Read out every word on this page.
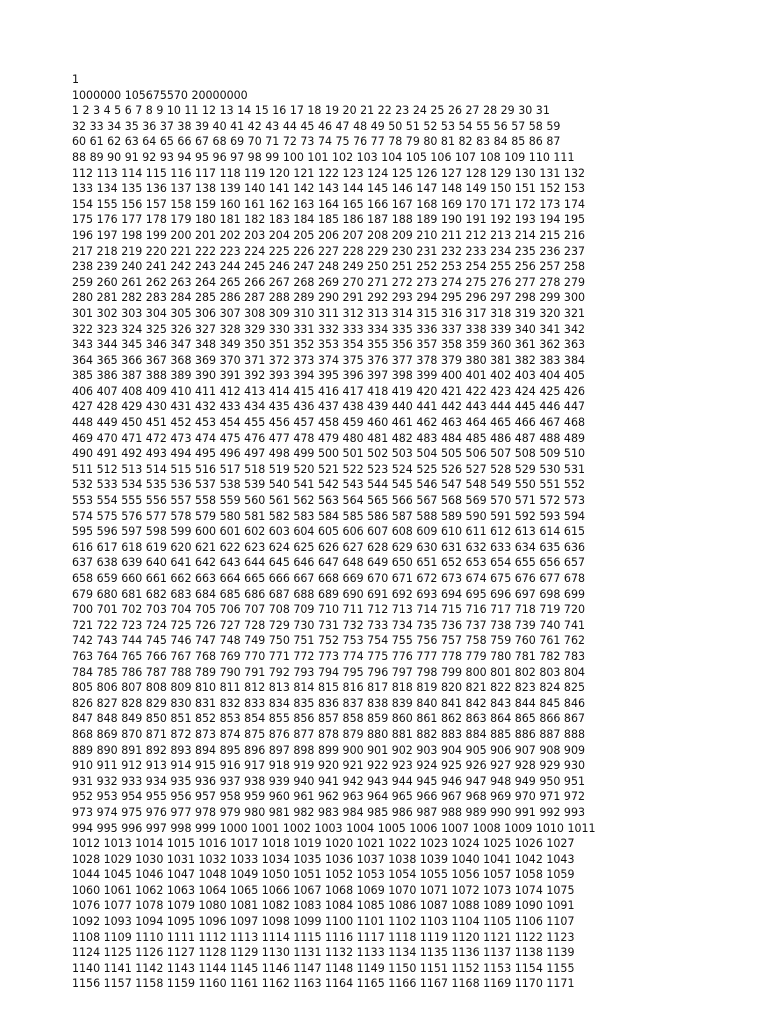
1
1000000 105675570 20000000
1 2 3 4 5 6 7 8 9 10 11 12 13 14 15 16 17 18 19 20 21 22 23 24 25 26 27 28 29 30 31
32 33 34 35 36 37 38 39 40 41 42 43 44 45 46 47 48 49 50 51 52 53 54 55 56 57 58 59
60 61 62 63 64 65 66 67 68 69 70 71 72 73 74 75 76 77 78 79 80 81 82 83 84 85 86 87
88 89 90 91 92 93 94 95 96 97 98 99 100 101 102 103 104 105 106 107 108 109 110 111
112 113 114 115 116 117 118 119 120 121 122 123 124 125 126 127 128 129 130 131 132
133 134 135 136 137 138 139 140 141 142 143 144 145 146 147 148 149 150 151 152 153
154 155 156 157 158 159 160 161 162 163 164 165 166 167 168 169 170 171 172 173 174
175 176 177 178 179 180 181 182 183 184 185 186 187 188 189 190 191 192 193 194 195
196 197 198 199 200 201 202 203 204 205 206 207 208 209 210 211 212 213 214 215 216
217 218 219 220 221 222 223 224 225 226 227 228 229 230 231 232 233 234 235 236 237
238 239 240 241 242 243 244 245 246 247 248 249 250 251 252 253 254 255 256 257 258
259 260 261 262 263 264 265 266 267 268 269 270 271 272 273 274 275 276 277 278 279
280 281 282 283 284 285 286 287 288 289 290 291 292 293 294 295 296 297 298 299 300
301 302 303 304 305 306 307 308 309 310 311 312 313 314 315 316 317 318 319 320 321
322 323 324 325 326 327 328 329 330 331 332 333 334 335 336 337 338 339 340 341 342
343 344 345 346 347 348 349 350 351 352 353 354 355 356 357 358 359 360 361 362 363
364 365 366 367 368 369 370 371 372 373 374 375 376 377 378 379 380 381 382 383 384
385 386 387 388 389 390 391 392 393 394 395 396 397 398 399 400 401 402 403 404 405
406 407 408 409 410 411 412 413 414 415 416 417 418 419 420 421 422 423 424 425 426
427 428 429 430 431 432 433 434 435 436 437 438 439 440 441 442 443 444 445 446 447
448 449 450 451 452 453 454 455 456 457 458 459 460 461 462 463 464 465 466 467 468
469 470 471 472 473 474 475 476 477 478 479 480 481 482 483 484 485 486 487 488 489
490 491 492 493 494 495 496 497 498 499 500 501 502 503 504 505 506 507 508 509 510
511 512 513 514 515 516 517 518 519 520 521 522 523 524 525 526 527 528 529 530 531
532 533 534 535 536 537 538 539 540 541 542 543 544 545 546 547 548 549 550 551 552
553 554 555 556 557 558 559 560 561 562 563 564 565 566 567 568 569 570 571 572 573
574 575 576 577 578 579 580 581 582 583 584 585 586 587 588 589 590 591 592 593 594
595 596 597 598 599 600 601 602 603 604 605 606 607 608 609 610 611 612 613 614 615
616 617 618 619 620 621 622 623 624 625 626 627 628 629 630 631 632 633 634 635 636
637 638 639 640 641 642 643 644 645 646 647 648 649 650 651 652 653 654 655 656 657
658 659 660 661 662 663 664 665 666 667 668 669 670 671 672 673 674 675 676 677 678
679 680 681 682 683 684 685 686 687 688 689 690 691 692 693 694 695 696 697 698 699
700 701 702 703 704 705 706 707 708 709 710 711 712 713 714 715 716 717 718 719 720
721 722 723 724 725 726 727 728 729 730 731 732 733 734 735 736 737 738 739 740 741
742 743 744 745 746 747 748 749 750 751 752 753 754 755 756 757 758 759 760 761 762
763 764 765 766 767 768 769 770 771 772 773 774 775 776 777 778 779 780 781 782 783
784 785 786 787 788 789 790 791 792 793 794 795 796 797 798 799 800 801 802 803 804
805 806 807 808 809 810 811 812 813 814 815 816 817 818 819 820 821 822 823 824 825
826 827 828 829 830 831 832 833 834 835 836 837 838 839 840 841 842 843 844 845 846
847 848 849 850 851 852 853 854 855 856 857 858 859 860 861 862 863 864 865 866 867
868 869 870 871 872 873 874 875 876 877 878 879 880 881 882 883 884 885 886 887 888
889 890 891 892 893 894 895 896 897 898 899 900 901 902 903 904 905 906 907 908 909
910 911 912 913 914 915 916 917 918 919 920 921 922 923 924 925 926 927 928 929 930
931 932 933 934 935 936 937 938 939 940 941 942 943 944 945 946 947 948 949 950 951
952 953 954 955 956 957 958 959 960 961 962 963 964 965 966 967 968 969 970 971 972
973 974 975 976 977 978 979 980 981 982 983 984 985 986 987 988 989 990 991 992 993
994 995 996 997 998 999 1000 1001 1002 1003 1004 1005 1006 1007 1008 1009 1010 1011
1012 1013 1014 1015 1016 1017 1018 1019 1020 1021 1022 1023 1024 1025 1026 1027
1028 1029 1030 1031 1032 1033 1034 1035 1036 1037 1038 1039 1040 1041 1042 1043
1044 1045 1046 1047 1048 1049 1050 1051 1052 1053 1054 1055 1056 1057 1058 1059
1060 1061 1062 1063 1064 1065 1066 1067 1068 1069 1070 1071 1072 1073 1074 1075
1076 1077 1078 1079 1080 1081 1082 1083 1084 1085 1086 1087 1088 1089 1090 1091
1092 1093 1094 1095 1096 1097 1098 1099 1100 1101 1102 1103 1104 1105 1106 1107
1108 1109 1110 1111 1112 1113 1114 1115 1116 1117 1118 1119 1120 1121 1122 1123
1124 1125 1126 1127 1128 1129 1130 1131 1132 1133 1134 1135 1136 1137 1138 1139
1140 1141 1142 1143 1144 1145 1146 1147 1148 1149 1150 1151 1152 1153 1154 1155
1156 1157 1158 1159 1160 1161 1162 1163 1164 1165 1166 1167 1168 1169 1170 1171
